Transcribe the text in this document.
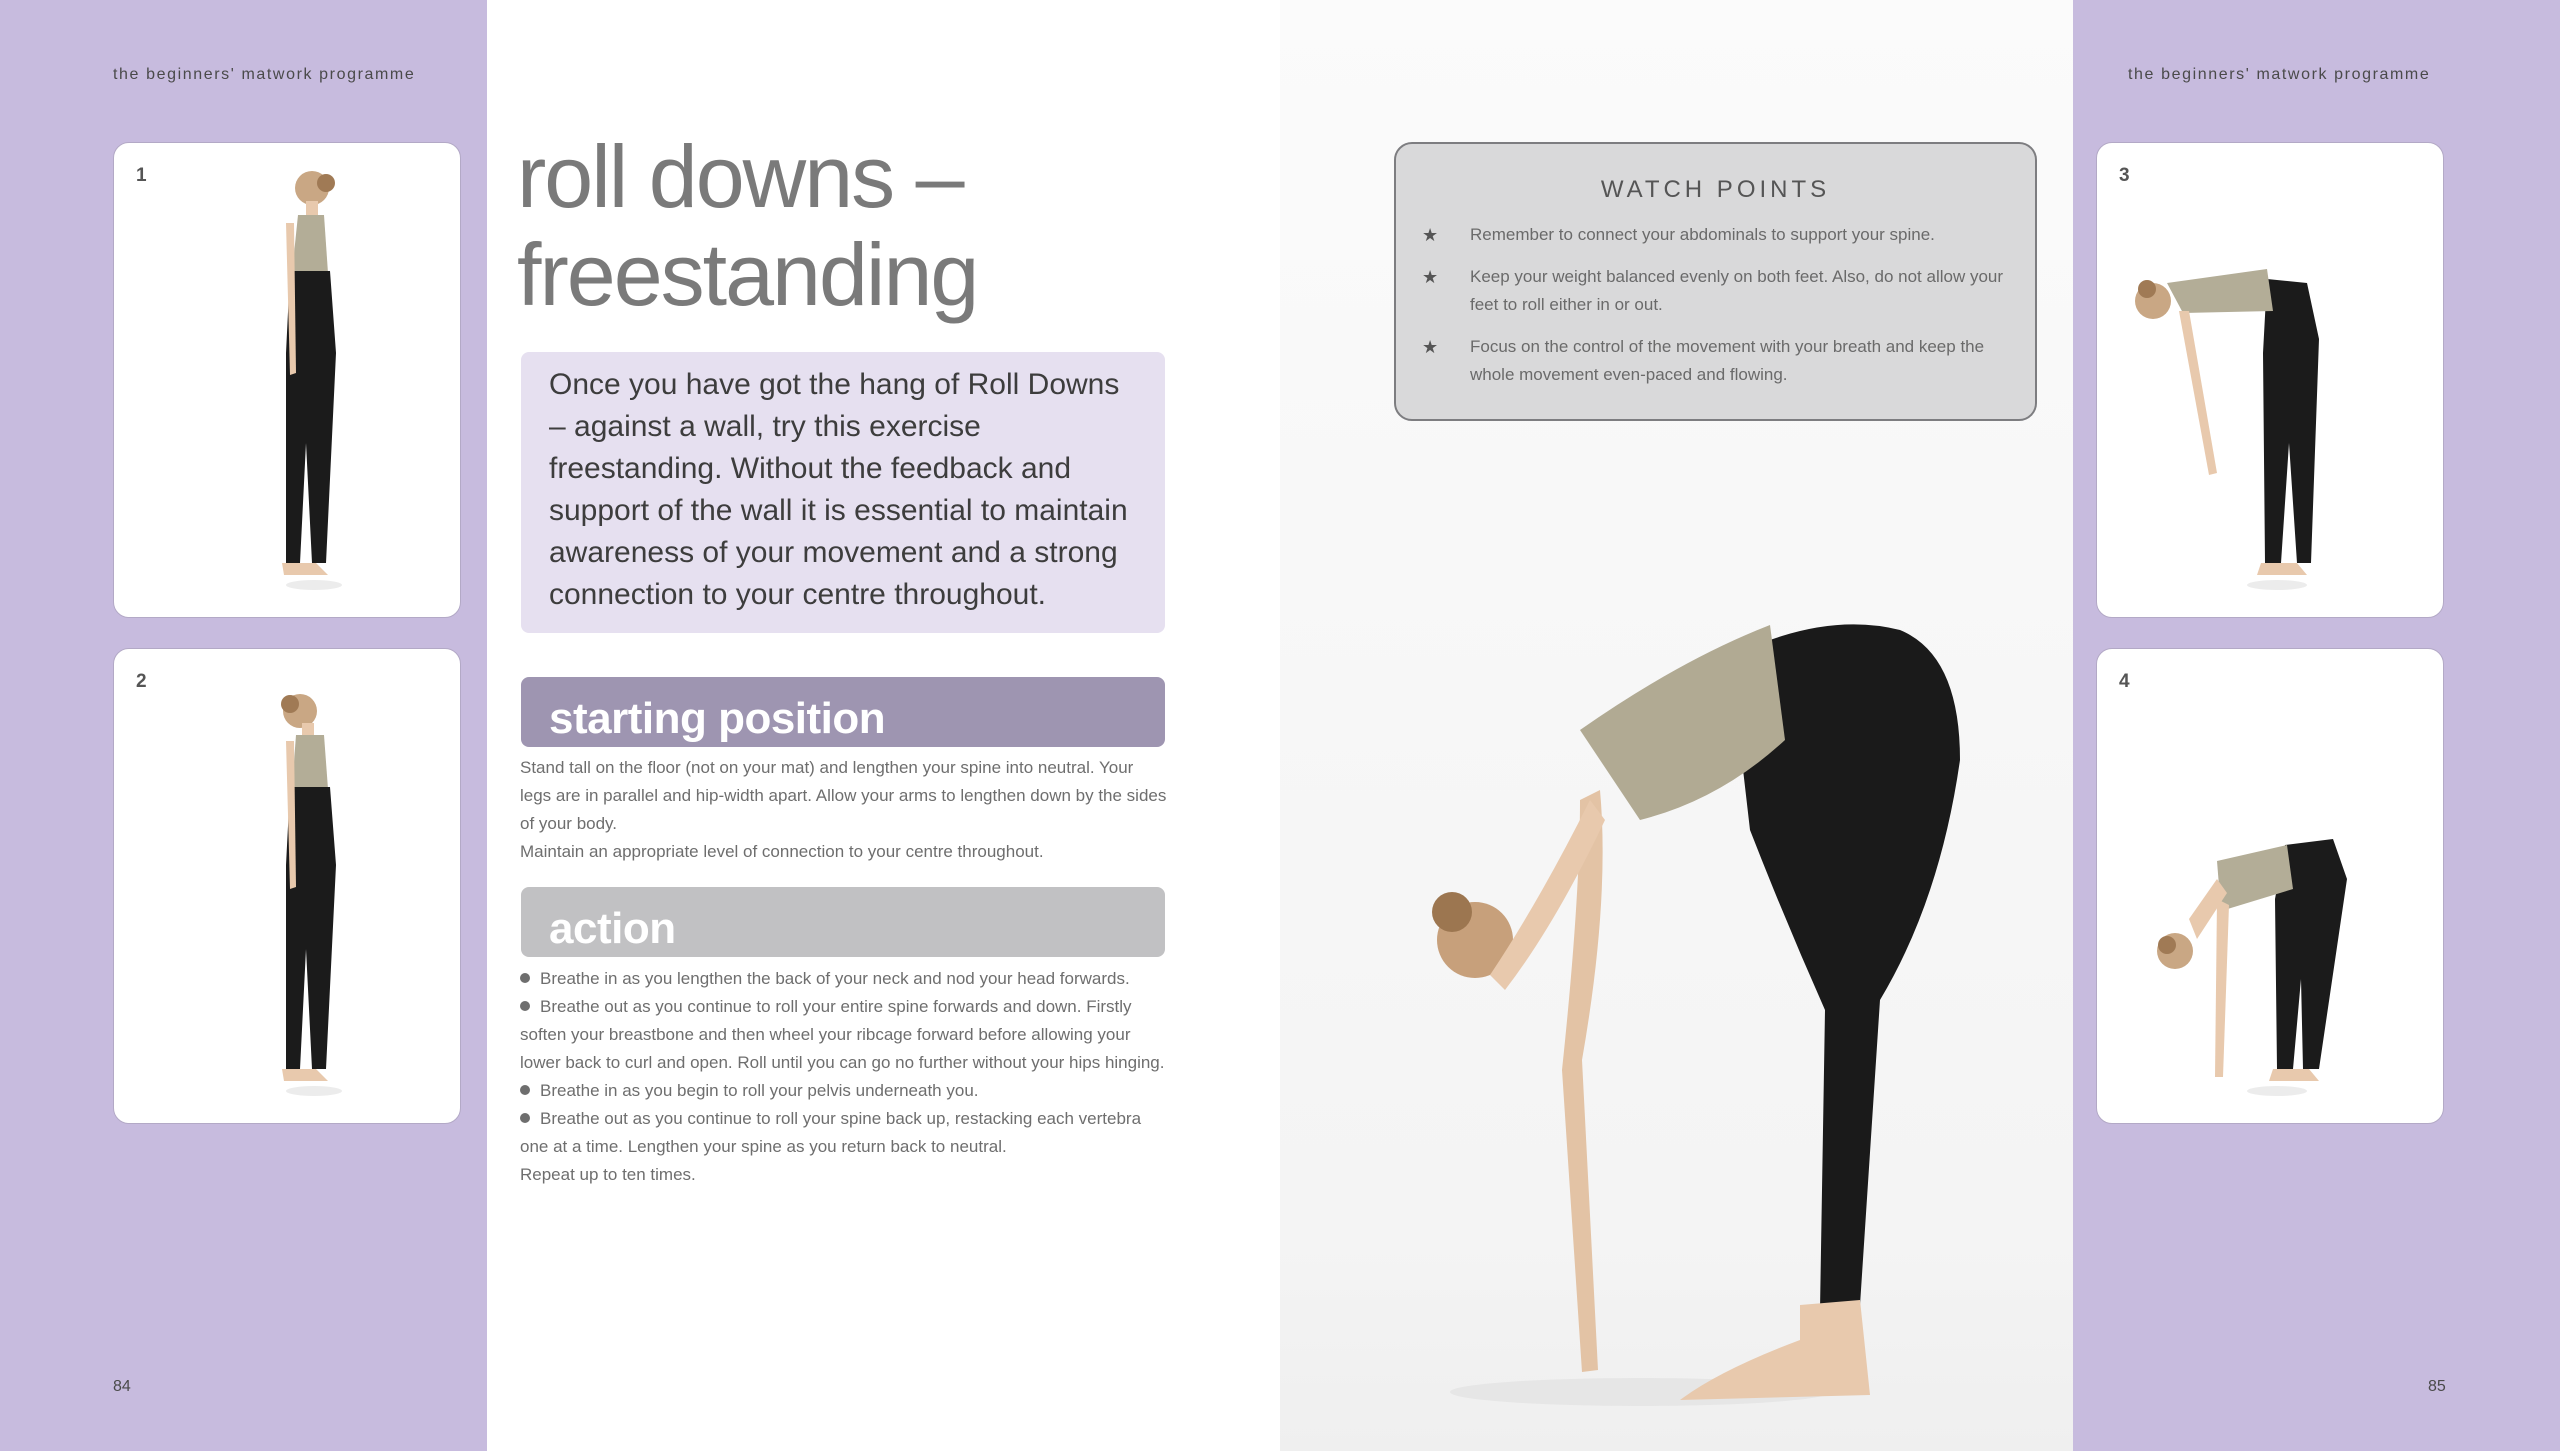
the beginners' matwork programme	the beginners' matwork programme
84	85
1
2
3
4
roll downs –
freestanding
Once you have got the hang of Roll Downs – against a wall, try this exercise freestanding. Without the feedback and support of the wall it is essential to maintain awareness of your movement and a strong connection to your centre throughout.
starting position

Stand tall on the floor (not on your mat) and lengthen your spine into neutral. Your legs are in parallel and hip-width apart. Allow your arms to lengthen down by the sides of your body.

Maintain an appropriate level of connection to your centre throughout.

action

Breathe in as you lengthen the back of your neck and nod your head forwards.

Breathe out as you continue to roll your entire spine forwards and down. Firstly soften your breastbone and then wheel your ribcage forward before allowing your lower back to curl and open. Roll until you can go no further without your hips hinging.

Breathe in as you begin to roll your pelvis underneath you.

Breathe out as you continue to roll your spine back up, restacking each vertebra one at a time. Lengthen your spine as you return back to neutral.

Repeat up to ten times.

WATCH POINTS
★ Remember to connect your abdominals to support your spine.
★ Keep your weight balanced evenly on both feet. Also, do not allow your feet to roll either in or out.
★ Focus on the control of the movement with your breath and keep the whole movement even-paced and flowing.
